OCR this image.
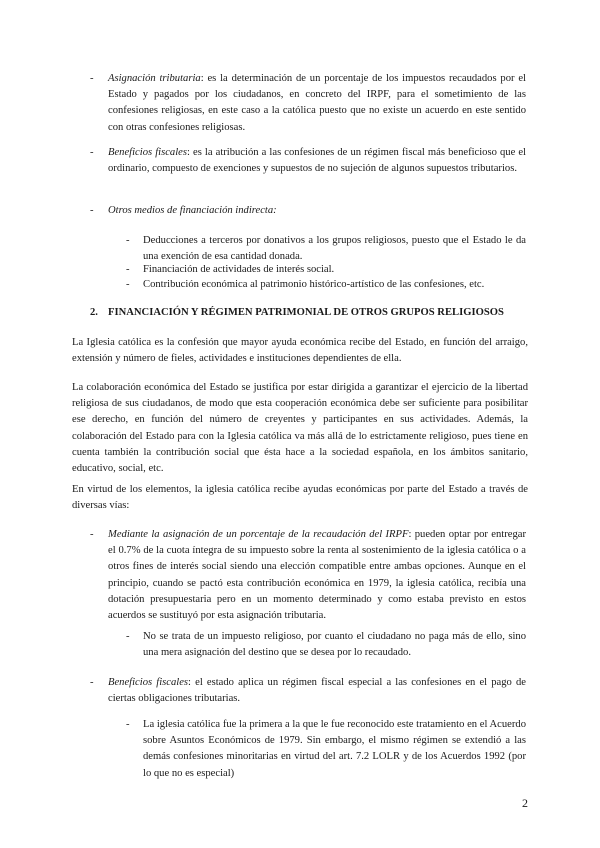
- Asignación tributaria: es la determinación de un porcentaje de los impuestos recaudados por el Estado y pagados por los ciudadanos, en concreto del IRPF, para el sometimiento de las confesiones religiosas, en este caso a la católica puesto que no existe un acuerdo en este sentido con otras confesiones religiosas.

- Beneficios fiscales: es la atribución a las confesiones de un régimen fiscal más beneficioso que el ordinario, compuesto de exenciones y supuestos de no sujeción de algunos supuestos tributarios.

- Otros medios de financiación indirecta:

- Deducciones a terceros por donativos a los grupos religiosos, puesto que el Estado le da una exención de esa cantidad donada.

- Financiación de actividades de interés social.

- Contribución económica al patrimonio histórico-artístico de las confesiones, etc.

2. FINANCIACIÓN Y RÉGIMEN PATRIMONIAL DE OTROS GRUPOS RELIGIOSOS

La Iglesia católica es la confesión que mayor ayuda económica recibe del Estado, en función del arraigo, extensión y número de fieles, actividades e instituciones dependientes de ella.

La colaboración económica del Estado se justifica por estar dirigida a garantizar el ejercicio de la libertad religiosa de sus ciudadanos, de modo que esta cooperación económica debe ser suficiente para posibilitar ese derecho, en función del número de creyentes y participantes en sus actividades. Además, la colaboración del Estado para con la Iglesia católica va más allá de lo estrictamente religioso, pues tiene en cuenta también la contribución social que ésta hace a la sociedad española, en los ámbitos sanitario, educativo, social, etc.

En virtud de los elementos, la iglesia católica recibe ayudas económicas por parte del Estado a través de diversas vías:

- Mediante la asignación de un porcentaje de la recaudación del IRPF: pueden optar por entregar el 0.7% de la cuota íntegra de su impuesto sobre la renta al sostenimiento de la iglesia católica o a otros fines de interés social siendo una elección compatible entre ambas opciones. Aunque en el principio, cuando se pactó esta contribución económica en 1979, la iglesia católica, recibía una dotación presupuestaria pero en un momento determinado y como estaba previsto en estos acuerdos se sustituyó por esta asignación tributaria.

- No se trata de un impuesto religioso, por cuanto el ciudadano no paga más de ello, sino una mera asignación del destino que se desea por lo recaudado.

- Beneficios fiscales: el estado aplica un régimen fiscal especial a las confesiones en el pago de ciertas obligaciones tributarias.

- La iglesia católica fue la primera a la que le fue reconocido este tratamiento en el Acuerdo sobre Asuntos Económicos de 1979. Sin embargo, el mismo régimen se extendió a las demás confesiones minoritarias en virtud del art. 7.2 LOLR y de los Acuerdos 1992 (por lo que no es especial)

2
